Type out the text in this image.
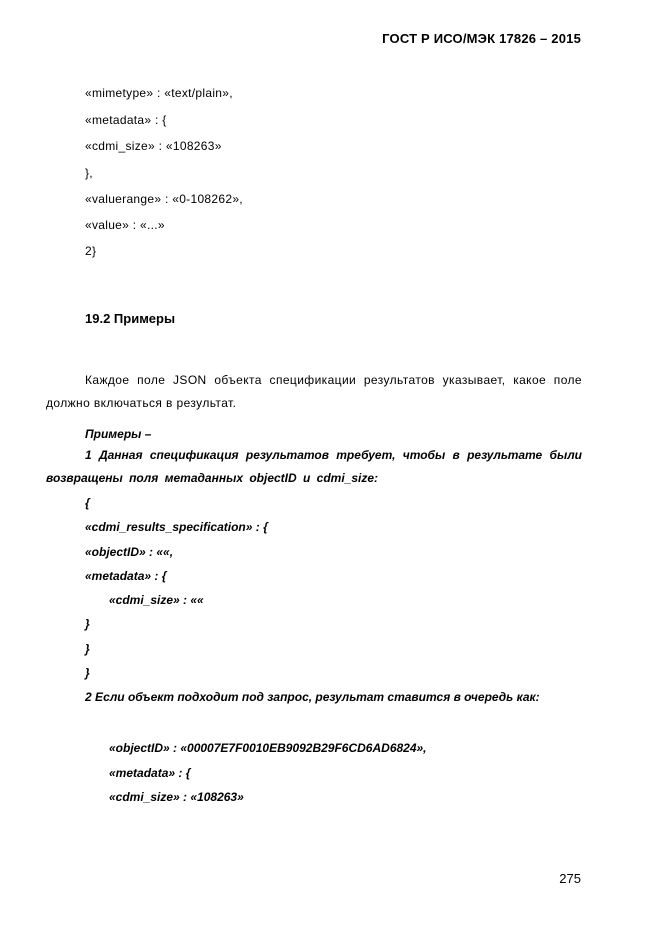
ГОСТ Р ИСО/МЭК 17826 – 2015
«mimetype» : «text/plain»,
«metadata» : {
«cdmi_size» : «108263»
},
«valuerange» : «0-108262»,
«value» : «...»
2}
19.2 Примеры

Каждое поле JSON объекта спецификации результатов указывает, какое поле должно включаться в результат.

Примеры –

1 Данная спецификация результатов требует, чтобы в результате были возвращены поля метаданных objectID и cdmi_size:

{
«cdmi_results_specification» : {
«objectID» : ««,
«metadata» : {
«cdmi_size» : ««
}
}
}
2 Если объект подходит под запрос, результат ставится в очередь как:
«objectID» : «00007E7F0010EB9092B29F6CD6AD6824»,
«metadata» : {
«cdmi_size» : «108263»
275
